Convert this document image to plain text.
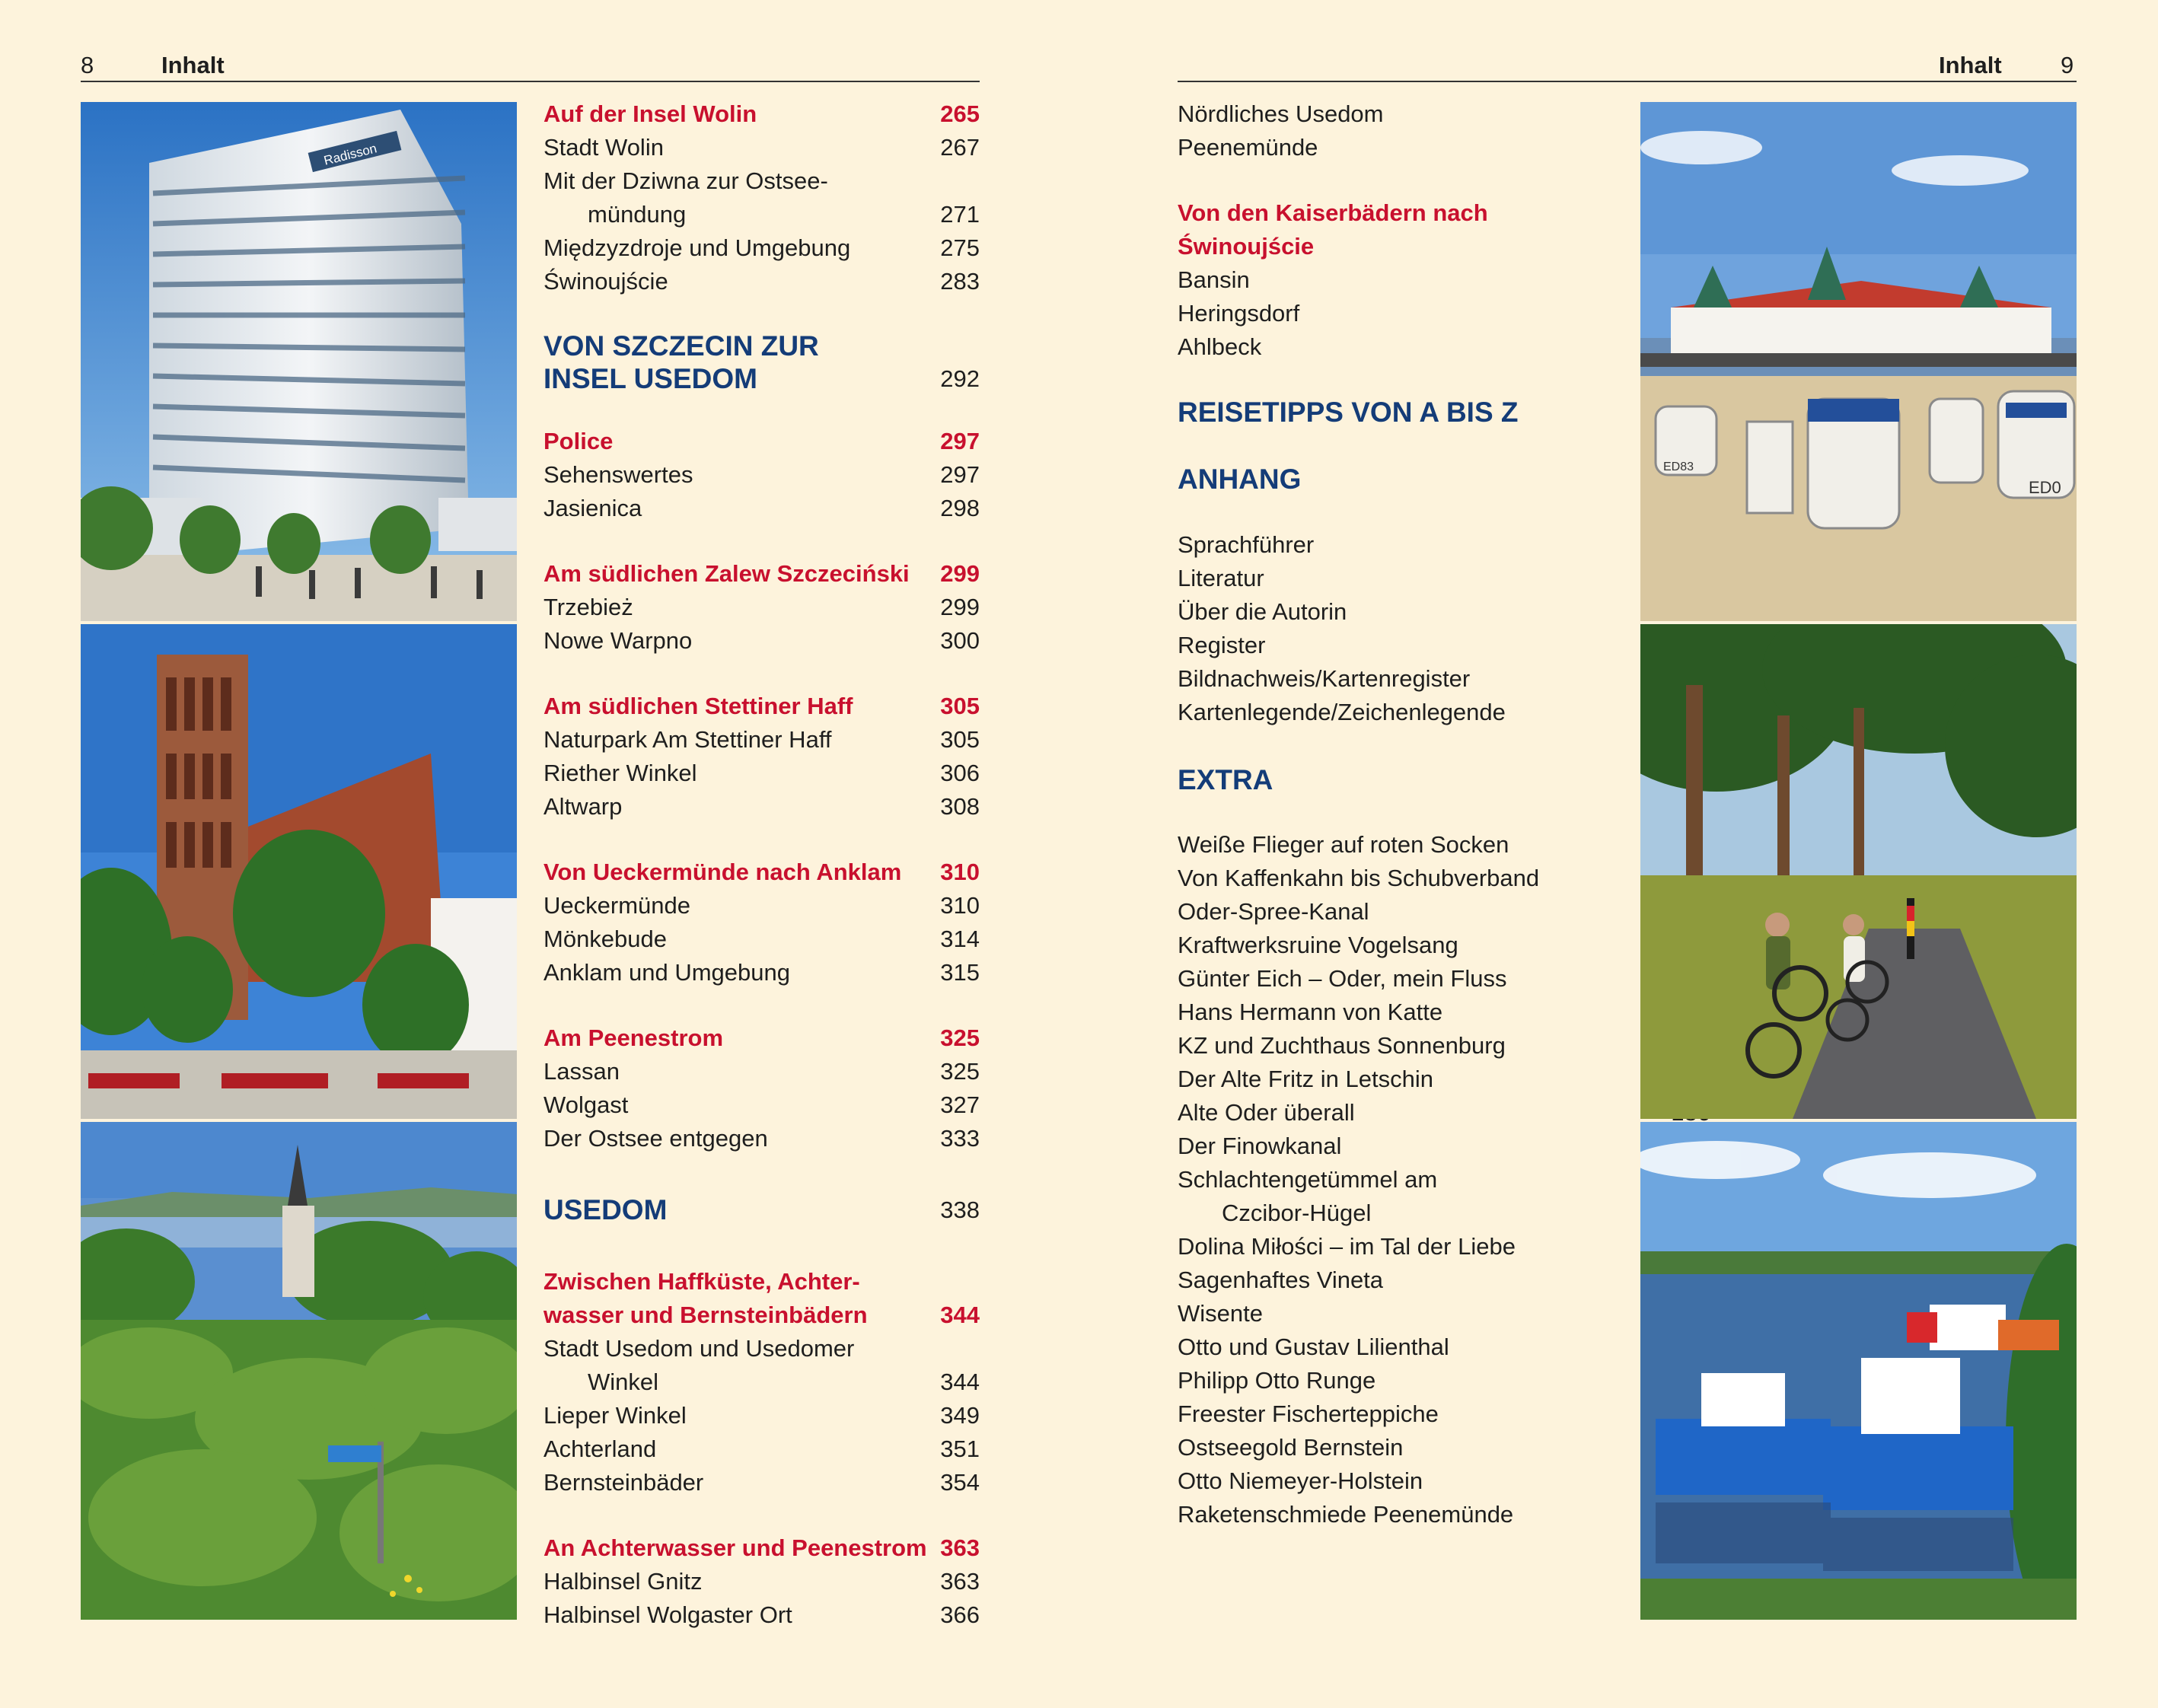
8	Inhalt
Radisson
Auf der Insel Wolin	265
Stadt Wolin	267
Mit der Dziwna zur Ostsee-
mündung	271
Międzyzdroje und Umgebung	275
Świnoujście	283
VON SZCZECIN ZUR
INSEL USEDOM	292
Police	297
Sehenswertes	297
Jasienica	298
Am südlichen Zalew Szczeciński 299
Trzebież	299
Nowe Warpno	300
Am südlichen Stettiner Haff	305
Naturpark Am Stettiner Haff	305
Riether Winkel	306
Altwarp	308
Von Ueckermünde nach Anklam 310
Ueckermünde	310
Mönkebude	314
Anklam und Umgebung	315
Am Peenestrom	325
Lassan	325
Wolgast	327
Der Ostsee entgegen	333
USEDOM	338
Zwischen Haffküste, Achter-
wasser und Bernsteinbädern	344
Stadt Usedom und Usedomer
Winkel	344
Lieper Winkel	349
Achterland	351
Bernsteinbäder	354
An Achterwasser und Peenestrom 363
Halbinsel Gnitz	363
Halbinsel Wolgaster Ort	366
Inhalt 9
Nördliches Usedom
Peenemünde
Von den Kaiserbädern nach
Świnoujście
Bansin
Heringsdorf
Ahlbeck
REISETIPPS VON A BIS Z
ANHANG
Sprachführer
Literatur
Über die Autorin
Register
Bildnachweis/Kartenregister
Kartenlegende/Zeichenlegende
EXTRA
Weiße Flieger auf roten Socken
Von Kaffenkahn bis Schubverband
Oder-Spree-Kanal
Kraftwerksruine Vogelsang
Günter Eich – Oder, mein Fluss
Hans Hermann von Katte
KZ und Zuchthaus Sonnenburg
Der Alte Fritz in Letschin
Alte Oder überall
Der Finowkanal
Schlachtengetümmel am
Czcibor-Hügel
Dolina Miłości – im Tal der Liebe
Sagenhaftes Vineta
Wisente
Otto und Gustav Lilienthal
Philipp Otto Runge
Freester Fischerteppiche
Ostseegold Bernstein
Otto Niemeyer-Holstein
Raketenschmiede Peenemünde
ED83
ED0
